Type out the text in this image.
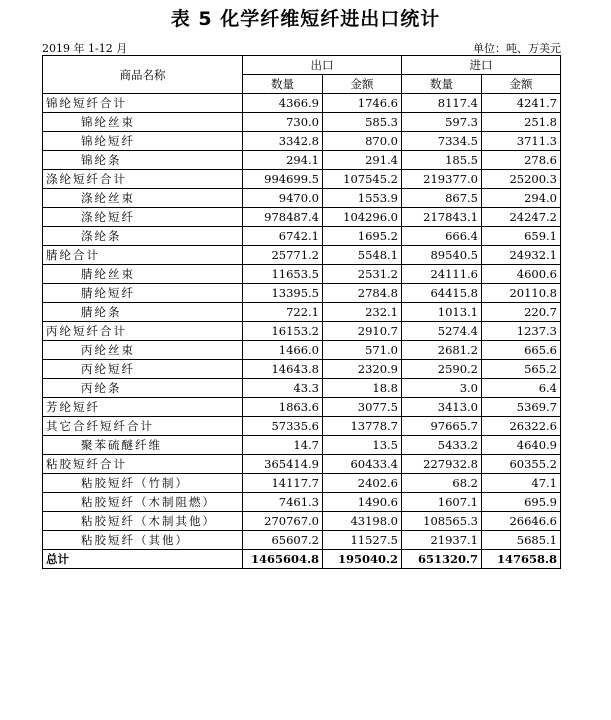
表 5 化学纤维短纤进出口统计
2019 年 1-12 月	单位：吨、万美元
商品名称	出口		进口	
	数量	金额	数量	金额
锦纶短纤合计	4366.9	1746.6	8117.4	4241.7
锦纶丝束	730.0	585.3	597.3	251.8
锦纶短纤	3342.8	870.0	7334.5	3711.3
锦纶条	294.1	291.4	185.5	278.6
涤纶短纤合计	994699.5	107545.2	219377.0	25200.3
涤纶丝束	9470.0	1553.9	867.5	294.0
涤纶短纤	978487.4	104296.0	217843.1	24247.2
涤纶条	6742.1	1695.2	666.4	659.1
腈纶合计	25771.2	5548.1	89540.5	24932.1
腈纶丝束	11653.5	2531.2	24111.6	4600.6
腈纶短纤	13395.5	2784.8	64415.8	20110.8
腈纶条	722.1	232.1	1013.1	220.7
丙纶短纤合计	16153.2	2910.7	5274.4	1237.3
丙纶丝束	1466.0	571.0	2681.2	665.6
丙纶短纤	14643.8	2320.9	2590.2	565.2
丙纶条	43.3	18.8	3.0	6.4
芳纶短纤	1863.6	3077.5	3413.0	5369.7
其它合纤短纤合计	57335.6	13778.7	97665.7	26322.6
聚苯硫醚纤维	14.7	13.5	5433.2	4640.9
粘胶短纤合计	365414.9	60433.4	227932.8	60355.2
粘胶短纤（竹制）	14117.7	2402.6	68.2	47.1
粘胶短纤（木制阻燃）	7461.3	1490.6	1607.1	695.9
粘胶短纤（木制其他）	270767.0	43198.0	108565.3	26646.6
粘胶短纤（其他）	65607.2	11527.5	21937.1	5685.1
总计	1465604.8	195040.2	651320.7	147658.8
